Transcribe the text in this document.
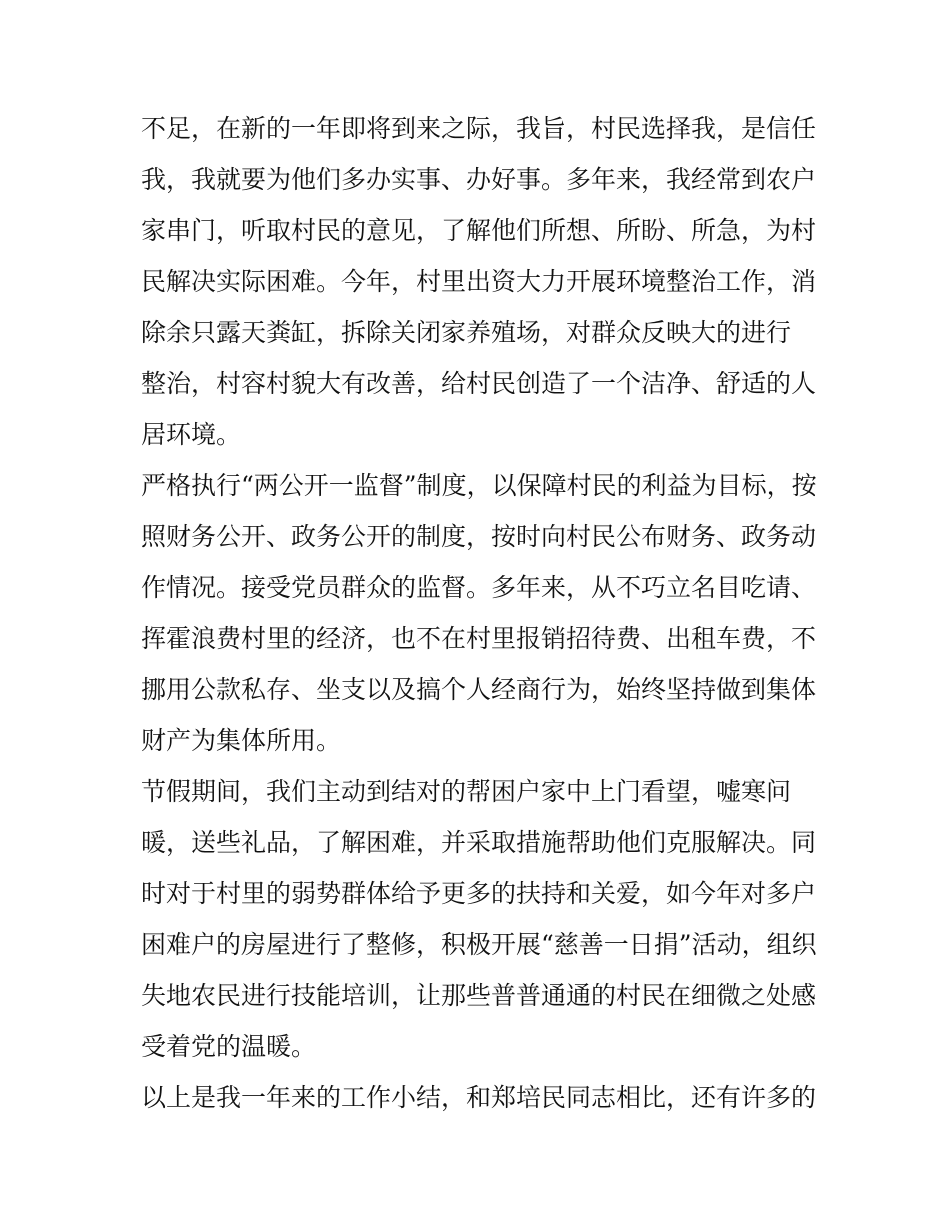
不足，在新的一年即将到来之际，我旨，村民选择我，是信任
我，我就要为他们多办实事、办好事。多年来，我经常到农户
家串门，听取村民的意见，了解他们所想、所盼、所急，为村
民解决实际困难。今年，村里出资大力开展环境整治工作，消
除余只露天粪缸，拆除关闭家养殖场，对群众反映大的进行
整治，村容村貌大有改善，给村民创造了一个洁净、舒适的人
居环境。
严格执行“两公开一监督”制度，以保障村民的利益为目标，按
照财务公开、政务公开的制度，按时向村民公布财务、政务动
作情况。接受党员群众的监督。多年来，从不巧立名目吃请、
挥霍浪费村里的经济，也不在村里报销招待费、出租车费，不
挪用公款私存、坐支以及搞个人经商行为，始终坚持做到集体
财产为集体所用。
节假期间，我们主动到结对的帮困户家中上门看望，嘘寒问
暖，送些礼品，了解困难，并采取措施帮助他们克服解决。同
时对于村里的弱势群体给予更多的扶持和关爱，如今年对多户
困难户的房屋进行了整修，积极开展“慈善一日捐”活动，组织
失地农民进行技能培训，让那些普普通通的村民在细微之处感
受着党的温暖。
以上是我一年来的工作小结，和郑培民同志相比，还有许多的
